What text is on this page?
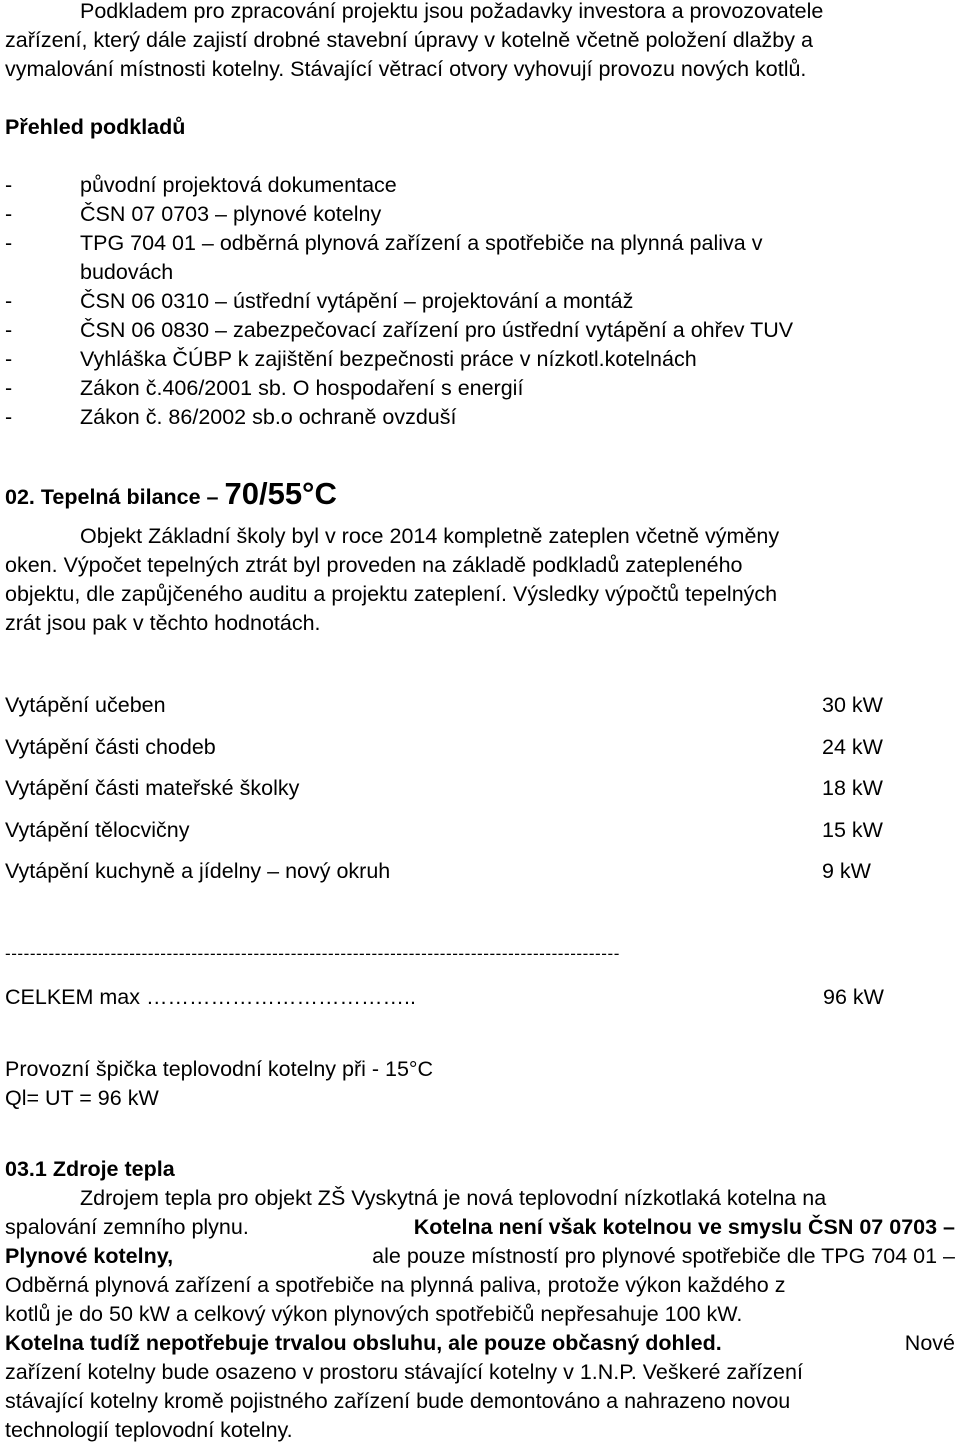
Podkladem pro zpracování projektu jsou požadavky investora a provozovatele
zařízení, který dále zajistí drobné stavební úpravy v kotelně včetně položení dlažby a
vymalování místnosti kotelny. Stávající větrací otvory vyhovují provozu nových kotlů.
Přehled podkladů
-	původní projektová dokumentace
-	ČSN 07 0703 – plynové kotelny
-	TPG 704 01 – odběrná plynová zařízení a spotřebiče na plynná paliva v
budovách
-	ČSN 06 0310 – ústřední vytápění – projektování a montáž
-	ČSN 06 0830 – zabezpečovací zařízení pro ústřední vytápění a ohřev TUV
-	Vyhláška ČÚBP k zajištění bezpečnosti práce v nízkotl.kotelnách
-	Zákon č.406/2001 sb. O hospodaření s energií
-	Zákon č. 86/2002 sb.o ochraně ovzduší
02. Tepelná bilance – 70/55°C
Objekt Základní školy byl v roce 2014 kompletně zateplen včetně výměny
oken. Výpočet tepelných ztrát byl proveden na základě podkladů zatepleného
objektu, dle zapůjčeného auditu a projektu zateplení. Výsledky výpočtů tepelných
zrát jsou pak v těchto hodnotách.
Vytápění učeben	30 kW
Vytápění části chodeb	24 kW
Vytápění části mateřské školky	18 kW
Vytápění tělocvičny	15 kW
Vytápění kuchyně a jídelny – nový okruh	9 kW
---------------------------------------------------------------------------------------------------
CELKEM max ………………………………..	96 kW
Provozní špička teplovodní kotelny při - 15°C
Ql= UT = 96 kW
03.1 Zdroje tepla
Zdrojem tepla pro objekt ZŠ Vyskytná je nová teplovodní nízkotlaká kotelna na
spalování zemního plynu.	Kotelna není však kotelnou ve smyslu ČSN 07 0703 –
Plynové kotelny,	ale pouze místností pro plynové spotřebiče dle TPG 704 01 –
Odběrná plynová zařízení a spotřebiče na plynná paliva, protože výkon každého z
kotlů je do 50 kW a celkový výkon plynových spotřebičů nepřesahuje 100 kW.
Kotelna tudíž nepotřebuje trvalou obsluhu, ale pouze občasný dohled.	Nové
zařízení kotelny bude osazeno v prostoru stávající kotelny v 1.N.P. Veškeré zařízení
stávající kotelny kromě pojistného zařízení bude demontováno a nahrazeno novou
technologií teplovodní kotelny.
